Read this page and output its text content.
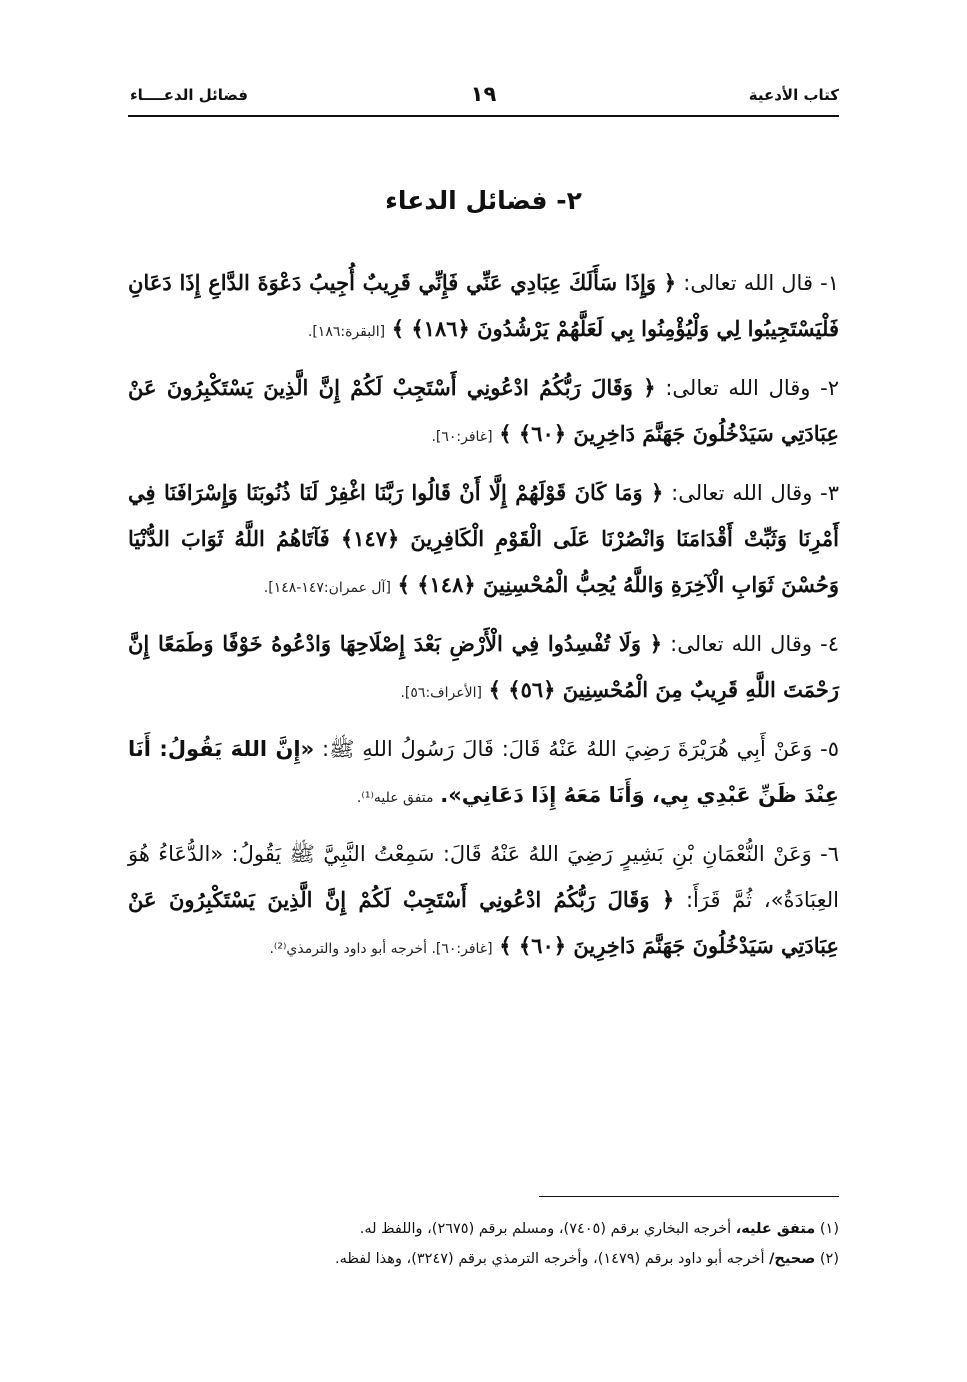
كتاب الأدعية
١٩
فضائل الدعــــاء
٢- فضائل الدعاء

١- قال الله تعالى: ﴿ وَإِذَا سَأَلَكَ عِبَادِي عَنِّي فَإِنِّي قَرِيبٌ أُجِيبُ دَعْوَةَ الدَّاعِ إِذَا دَعَانِ فَلْيَسْتَجِيبُوا لِي وَلْيُؤْمِنُوا بِي لَعَلَّهُمْ يَرْشُدُونَ ﴿١٨٦﴾ ﴾ [البقرة:١٨٦].

٢- وقال الله تعالى: ﴿ وَقَالَ رَبُّكُمُ ادْعُونِي أَسْتَجِبْ لَكُمْ إِنَّ الَّذِينَ يَسْتَكْبِرُونَ عَنْ عِبَادَتِي سَيَدْخُلُونَ جَهَنَّمَ دَاخِرِينَ ﴿٦٠﴾ ﴾ [غافر:٦٠].

٣- وقال الله تعالى: ﴿ وَمَا كَانَ قَوْلَهُمْ إِلَّا أَنْ قَالُوا رَبَّنَا اغْفِرْ لَنَا ذُنُوبَنَا وَإِسْرَافَنَا فِي أَمْرِنَا وَثَبِّتْ أَقْدَامَنَا وَانْصُرْنَا عَلَى الْقَوْمِ الْكَافِرِينَ ﴿١٤٧﴾ فَآتَاهُمُ اللَّهُ ثَوَابَ الدُّنْيَا وَحُسْنَ ثَوَابِ الْآخِرَةِ وَاللَّهُ يُحِبُّ الْمُحْسِنِينَ ﴿١٤٨﴾ ﴾ [آل عمران:١٤٧-١٤٨].

٤- وقال الله تعالى: ﴿ وَلَا تُفْسِدُوا فِي الْأَرْضِ بَعْدَ إِصْلَاحِهَا وَادْعُوهُ خَوْفًا وَطَمَعًا إِنَّ رَحْمَتَ اللَّهِ قَرِيبٌ مِنَ الْمُحْسِنِينَ ﴿٥٦﴾ ﴾ [الأعراف:٥٦].

٥- وَعَنْ أَبِي هُرَيْرَةَ رَضِيَ اللهُ عَنْهُ قَالَ: قَالَ رَسُولُ اللهِ ﷺ: «إِنَّ اللهَ يَقُولُ: أَنَا عِنْدَ ظَنِّ عَبْدِي بِي، وَأَنَا مَعَهُ إِذَا دَعَانِي». متفق عليه⁽¹⁾.

٦- وَعَنْ النُّعْمَانِ بْنِ بَشِيرٍ رَضِيَ اللهُ عَنْهُ قَالَ: سَمِعْتُ النَّبِيَّ ﷺ يَقُولُ: «الدُّعَاءُ هُوَ العِبَادَةُ»، ثُمَّ قَرَأَ: ﴿ وَقَالَ رَبُّكُمُ ادْعُونِي أَسْتَجِبْ لَكُمْ إِنَّ الَّذِينَ يَسْتَكْبِرُونَ عَنْ عِبَادَتِي سَيَدْخُلُونَ جَهَنَّمَ دَاخِرِينَ ﴿٦٠﴾ ﴾ [غافر:٦٠]. أخرجه أبو داود والترمذي⁽²⁾.

(١) متفق عليه، أخرجه البخاري برقم (٧٤٠٥)، ومسلم برقم (٢٦٧٥)، واللفظ له.
(٢) صحيح/ أخرجه أبو داود برقم (١٤٧٩)، وأخرجه الترمذي برقم (٣٢٤٧)، وهذا لفظه.
